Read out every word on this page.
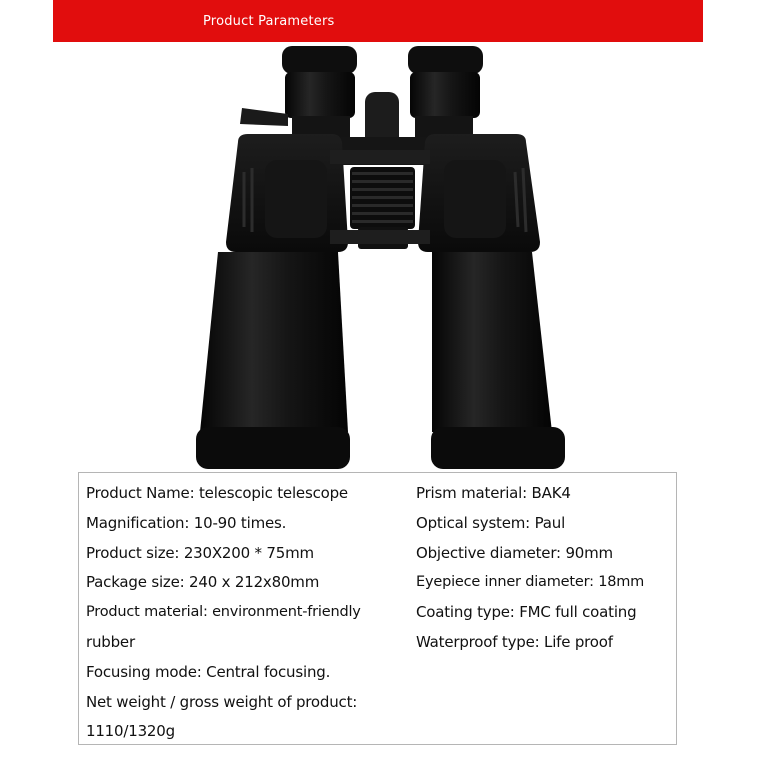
Product Parameters
Product Name: telescopic telescope
Magnification: 10-90 times.
Product size: 230X200 * 75mm
Package size: 240 x 212x80mm
Product material: environment-friendly
rubber
Focusing mode: Central focusing.
Net weight / gross weight of product:
1110/1320g
Prism material: BAK4
Optical system: Paul
Objective diameter: 90mm
Eyepiece inner diameter: 18mm
Coating type: FMC full coating
Waterproof type: Life proof
